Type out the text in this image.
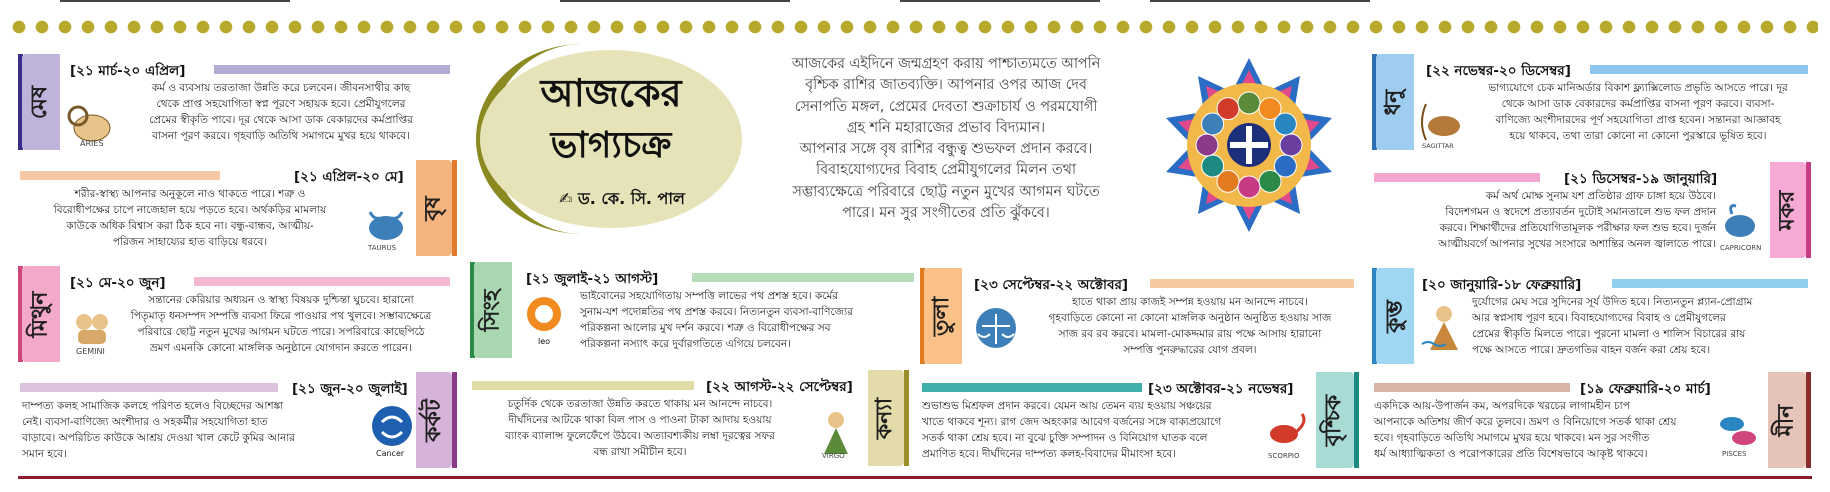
মেষ
[২১ মার্চ-২০ এপ্রিল]
ARIES
কর্ম ও ব্যবসায় তরতাজা উন্নতি করে চলবেন। জীবনসাথীর কাছ
থেকে প্রাপ্ত সহযোগিতা স্বপ্ন পূরণে সহায়ক হবে। প্রেমীযুগলের
প্রেমের স্বীকৃতি পাবে। দূর থেকে আসা ডাক বেকারদের কর্মপ্রাপ্তির
বাসনা পূরণ করবে। গৃহবাড়ি অতিথি সমাগমে মুখর হয়ে থাকবে।
[২১ এপ্রিল-২০ মে]
বৃষ
TAURUS
শরীর-স্বাস্থ্য আপনার অনুকূলে নাও থাকতে পারে। শত্রু ও
বিরোধীপক্ষের চাপে নাজেহাল হয়ে পড়তে হবে। অর্থকড়ির মামলায়
কাউকে অধিক বিশ্বাস করা ঠিক হবে না। বন্ধু-বান্ধব, আত্মীয়-
পরিজন সাহায্যের হাত বাড়িয়ে ধরবে।
মিথুন
[২১ মে-২০ জুন]
GEMINI
সন্তানের কেরিয়ার অধ্যয়ন ও স্বাস্থ্য বিষয়ক দুশ্চিন্তা ঘুচবে। হারানো
পিতৃমাতৃ ধনসম্পদ সম্পত্তি ব্যবসা ফিরে পাওয়ার পথ খুলবে। সম্ভাব্যক্ষেত্রে
পরিবারে ছোট্ট নতুন মুখের আগমন ঘটতে পারে। সপরিবারে কাছেপিঠে
ভ্রমণ এমনকি কোনো মাঙ্গলিক অনুষ্ঠানে যোগদান করতে পারেন।
[২১ জুন-২০ জুলাই]
কর্কট
Cancer
দাম্পত্য কলহ সামাজিক কলহে পরিণত হলেও বিচ্ছেদের আশঙ্কা
নেই। ব্যবসা-বাণিজ্যে অংশীদার ও সহকর্মীর সহযোগিতা হাত
বাড়াবে। অপরিচিত কাউকে আশ্রয় দেওয়া খাল কেটে কুমির আনার
সমান হবে।
আজকের
ভাগ্যচক্র
✍ ড. কে. সি. পাল
আজকের এইদিনে জন্মগ্রহণ করায় পাশ্চাত্যমতে আপনি
বৃশ্চিক রাশির জাতব্যক্তি। আপনার ওপর আজ দেব
সেনাপতি মঙ্গল, প্রেমের দেবতা শুক্রাচার্য ও পরমযোগী
গ্রহ শনি মহারাজের প্রভাব বিদ্যমান।
আপনার সঙ্গে বৃষ রাশির বন্ধুত্ব শুভফল প্রদান করবে।
বিবাহযোগ্যদের বিবাহ প্রেমীযুগলের মিলন তথা
সম্ভাব্যক্ষেত্রে পরিবারে ছোট্ট নতুন মুখের আগমন ঘটতে
পারে। মন সুর সংগীতের প্রতি ঝুঁকবে।
সিংহ
[২১ জুলাই-২১ আগস্ট]
leo
ভাইবোনের সহযোগিতায় সম্পত্তি লাভের পথ প্রশস্ত হবে। কর্মের
সুনাম-যশ পদোন্নতির পথ প্রশস্ত করবে। নিত্যনতুন ব্যবসা-বাণিজ্যের
পরিকল্পনা আলোর মুখ দর্শন করবে। শত্রু ও বিরোধীপক্ষের সব
পরিকল্পনা নস্যাৎ করে দুর্বারগতিতে এগিয়ে চলবেন।
[২২ আগস্ট-২২ সেপ্টেম্বর]
কন্যা
VIRGO
চতুর্দিক থেকে তরতাজা উন্নতি করতে থাকায় মন আনন্দে নাচবে।
দীর্ঘদিনের আটকে থাকা বিল পাস ও পাওনা টাকা আদায় হওয়ায়
ব্যাংক ব্যালান্স ফুলেফেঁপে উঠবে। অত্যাবশ্যকীয় লম্বা দূরত্বের সফর
বন্ধ রাখা সমীচীন হবে।
তুলা
[২৩ সেপ্টেম্বর-২২ অক্টোবর]
হাতে থাকা প্রায় কাজই সম্পন্ন হওয়ায় মন আনন্দে নাচবে।
গৃহবাড়িতে কোনো না কোনো মাঙ্গলিক অনুষ্ঠান অনুষ্ঠিত হওয়ায় সাজ
সাজ রব রব করবে। মামলা-মোকদ্দমার রায় পক্ষে আসায় হারানো
সম্পত্তি পুনরুদ্ধারের যোগ প্রবল।
[২৩ অক্টোবর-২১ নভেম্বর]
বৃশ্চিক
SCORPIO
শুভাশুভ মিশ্রফল প্রদান করবে। যেমন আয় তেমন ব্যয় হওয়ায় সঞ্চয়ের
খাতে থাকবে শূন্য। রাগ জেদ অহংকার আবেগ বর্জনের সঙ্গে বাক্যপ্রয়োগে
সতর্ক থাকা শ্রেয় হবে। না বুঝে চুক্তি সম্পাদন ও বিনিয়োগ ঘাতক বলে
প্রমাণিত হবে। দীর্ঘদিনের দাম্পত্য কলহ-বিবাদের মীমাংসা হবে।
ধনু
[২২ নভেম্বর-২০ ডিসেম্বর]
SAGITTAR
ভাগ্যযোগে চেক মানিঅর্ডার বিকাশ ফ্ল্যাক্সিলোড প্রভৃতি আসতে পারে। দূর
থেকে আসা ডাক বেকারদের কর্মপ্রাপ্তির বাসনা পূরণ করবে। ব্যবসা-
বাণিজ্যে অংশীদারদের পূর্ণ সহযোগিতা প্রাপ্ত হবেন। সন্তানরা আজ্ঞাবহ
হয়ে থাকবে, তথা তারা কোনো না কোনো পুরস্কারে ভূষিত হবে।
[২১ ডিসেম্বর-১৯ জানুয়ারি]
মকর
CAPRICORN
কর্ম অর্থ মোক্ষ সুনাম যশ প্রতিষ্ঠার গ্রাফ চাঙ্গা হয়ে উঠবে।
বিদেশগমন ও স্বদেশে প্রত্যাবর্তন দুটোই সমানতালে শুভ ফল প্রদান
করবে। শিক্ষার্থীদের প্রতিযোগিতামূলক পরীক্ষার ফল শুভ হবে। দুর্জন
আত্মীয়বর্গে আপনার সুখের সংসারে অশান্তির অনল জ্বালাতে পারে।
কুম্ভ
[২০ জানুয়ারি-১৮ ফেব্রুয়ারি]
দুর্যোগের মেঘ সরে সুদিনের সূর্য উদিত হবে। নিত্যনতুন প্ল্যান-প্রোগ্রাম
আর স্বপ্নসাধ পূরণ হবে। বিবাহযোগ্যদের বিবাহ ও প্রেমীযুগলের
প্রেমের স্বীকৃতি মিলতে পারে। পুরনো মামলা ও শালিস বিচারের রায়
পক্ষে আসতে পারে। দ্রুতগতির বাহন বর্জন করা শ্রেয় হবে।
[১৯ ফেব্রুয়ারি-২০ মার্চ]
মীন
PISCES
একদিকে আয়-উপার্জন কম, অপরদিকে খরচের লাগামহীন চাপ
আপনাকে অতিশয় জীর্ণ করে তুলবে। ভ্রমণ ও বিনিয়োগে সতর্ক থাকা শ্রেয়
হবে। গৃহবাড়িতে অতিথি সমাগমে মুখর হয়ে থাকবে। মন সুর সংগীত
ধর্ম আধ্যাত্মিকতা ও পরোপকারের প্রতি বিশেষভাবে আকৃষ্ট থাকবে।
